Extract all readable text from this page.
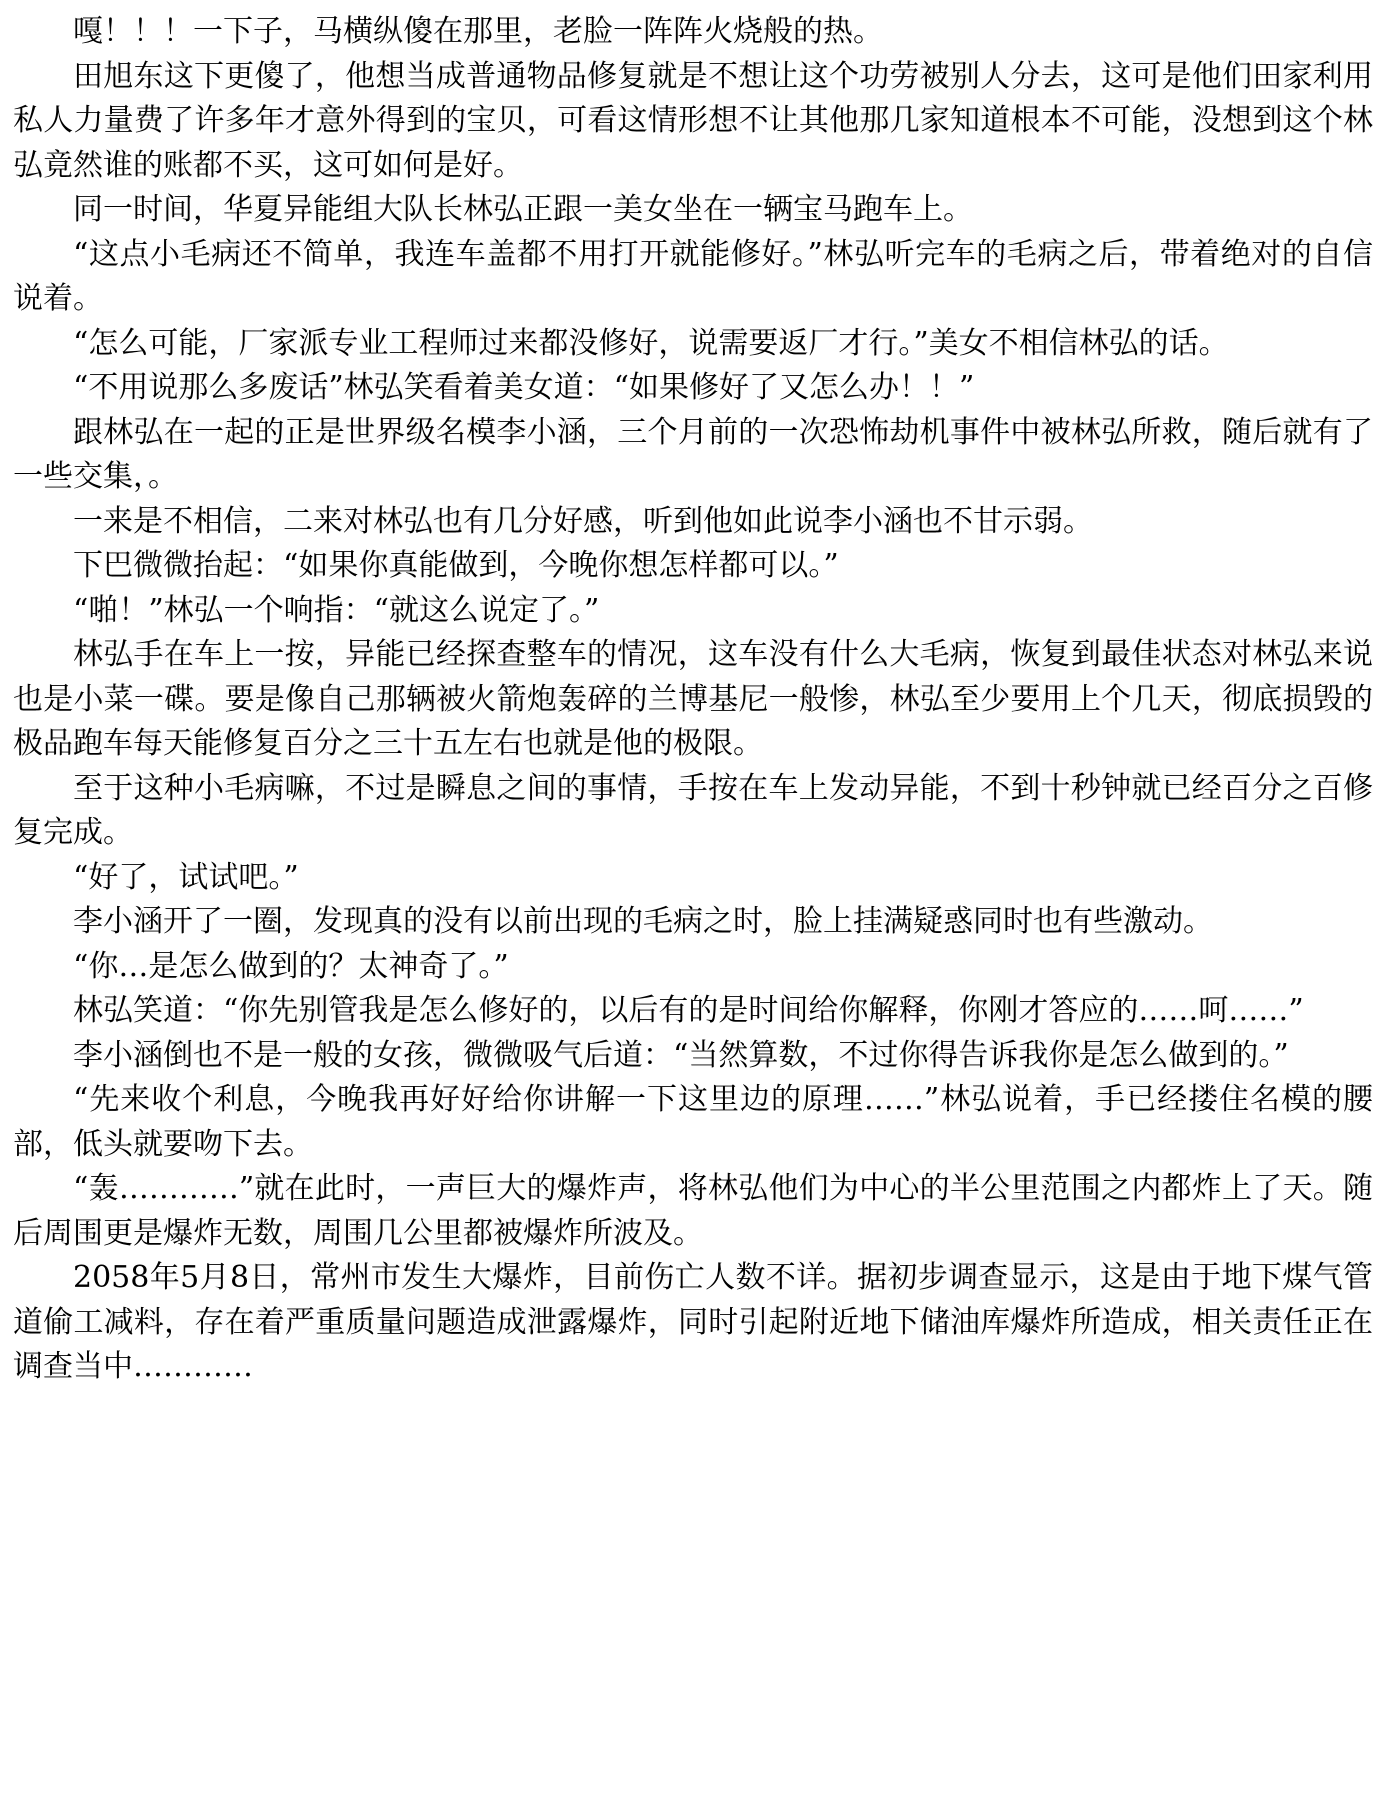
嘎！！！一下子，马横纵傻在那里，老脸一阵阵火烧般的热。

田旭东这下更傻了，他想当成普通物品修复就是不想让这个功劳被别人分去，这可是他们田家利用私人力量费了许多年才意外得到的宝贝，可看这情形想不让其他那几家知道根本不可能，没想到这个林弘竟然谁的账都不买，这可如何是好。

同一时间，华夏异能组大队长林弘正跟一美女坐在一辆宝马跑车上。

“这点小毛病还不简单，我连车盖都不用打开就能修好。”林弘听完车的毛病之后，带着绝对的自信说着。

“怎么可能，厂家派专业工程师过来都没修好，说需要返厂才行。”美女不相信林弘的话。

“不用说那么多废话”林弘笑看着美女道：“如果修好了又怎么办！！”

跟林弘在一起的正是世界级名模李小涵，三个月前的一次恐怖劫机事件中被林弘所救，随后就有了一些交集，。

一来是不相信，二来对林弘也有几分好感，听到他如此说李小涵也不甘示弱。

下巴微微抬起：“如果你真能做到，今晚你想怎样都可以。”

“啪！”林弘一个响指：“就这么说定了。”

林弘手在车上一按，异能已经探查整车的情况，这车没有什么大毛病，恢复到最佳状态对林弘来说也是小菜一碟。要是像自己那辆被火箭炮轰碎的兰博基尼一般惨，林弘至少要用上个几天，彻底损毁的极品跑车每天能修复百分之三十五左右也就是他的极限。

至于这种小毛病嘛，不过是瞬息之间的事情，手按在车上发动异能，不到十秒钟就已经百分之百修复完成。

“好了，试试吧。”

李小涵开了一圈，发现真的没有以前出现的毛病之时，脸上挂满疑惑同时也有些激动。

“你…是怎么做到的？太神奇了。”

林弘笑道：“你先别管我是怎么修好的，以后有的是时间给你解释，你刚才答应的……呵……”

李小涵倒也不是一般的女孩，微微吸气后道：“当然算数，不过你得告诉我你是怎么做到的。”

“先来收个利息，今晚我再好好给你讲解一下这里边的原理……”林弘说着，手已经搂住名模的腰部，低头就要吻下去。

“轰…………”就在此时，一声巨大的爆炸声，将林弘他们为中心的半公里范围之内都炸上了天。随后周围更是爆炸无数，周围几公里都被爆炸所波及。

2058年5月8日，常州市发生大爆炸，目前伤亡人数不详。据初步调查显示，这是由于地下煤气管道偷工减料，存在着严重质量问题造成泄露爆炸，同时引起附近地下储油库爆炸所造成，相关责任正在调查当中…………
